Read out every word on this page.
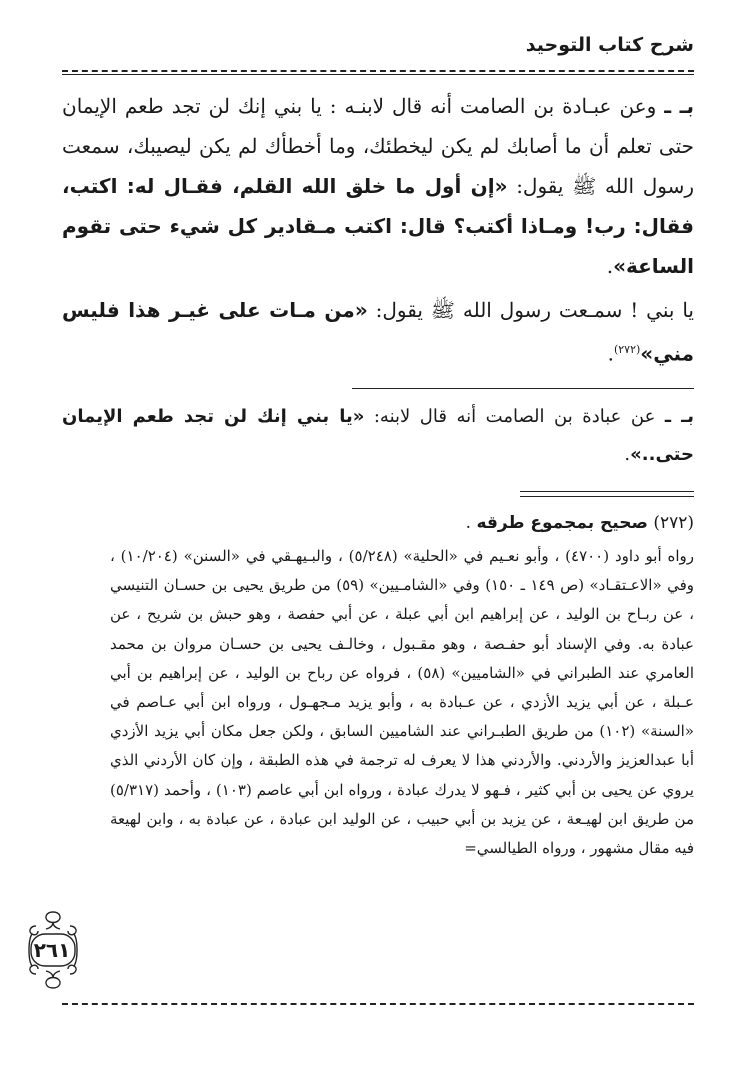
شرح كتاب التوحيد
بـ ـ وعن عبـادة بن الصامت أنه قال لابنـه : يا بني إنك لن تجد طعم الإيمان حتى تعلم أن ما أصابك لم يكن ليخطئك، وما أخطأك لم يكن ليصيبك، سمعت رسول الله ﷺ يقول: «إن أول ما خلق الله القلم، فقـال له: اكتب، فقال: رب! ومـاذا أكتب؟ قال: اكتب مـقادير كل شيء حتى تقوم الساعة».
يا بني ! سمـعت رسول الله ﷺ يقول: «من مـات على غيـر هذا فليس مني»$^{(٢٧٢)}$.
بـ ـ عن عبادة بن الصامت أنه قال لابنه: «يا بني إنك لن تجد طعم الإيمان حتى..».
(٢٧٢) صحيح بمجموع طرقه .
رواه أبو داود (٤٧٠٠) ، وأبو نعـيم في «الحلية» (٥/٢٤٨) ، والبـيهـقي في «السنن» (١٠/٢٠٤) ، وفي «الاعـتقـاد» (ص ١٤٩ ـ ١٥٠) وفي «الشامـيين» (٥٩) من طريق يحيى بن حسـان التنيسي ، عن ربـاح بن الوليد ، عن إبراهيم ابن أبي عبلة ، عن أبي حفصة ، وهو حبش بن شريح ، عن عبادة به. وفي الإسناد أبو حفـصة ، وهو مقـبول ، وخالـف يحيى بن حسـان مروان بن محمد العامري عند الطبراني في «الشاميين» (٥٨) ، فرواه عن رباح بن الوليد ، عن إبراهيم بن أبي عـبلة ، عن أبي يزيد الأزدي ، عن عـبادة به ، وأبو يزيد مـجهـول ، ورواه ابن أبي عـاصم في «السنة» (١٠٢) من طريق الطبـراني عند الشاميين السابق ، ولكن جعل مكان أبي يزيد الأزدي أبا عبدالعزيز والأردني. والأردني هذا لا يعرف له ترجمة في هذه الطبقة ، وإن كان الأردني الذي يروي عن يحيى بن أبي كثير ، فـهو لا يدرك عبادة ، ورواه ابن أبي عاصم (١٠٣) ، وأحمد (٥/٣١٧) من طريق ابن لهيـعة ، عن يزيد بن أبي حبيب ، عن الوليد ابن عبادة ، عن عبادة به ، وابن لهيعة فيه مقال مشهور ، ورواه الطيالسي=
٢٦١
